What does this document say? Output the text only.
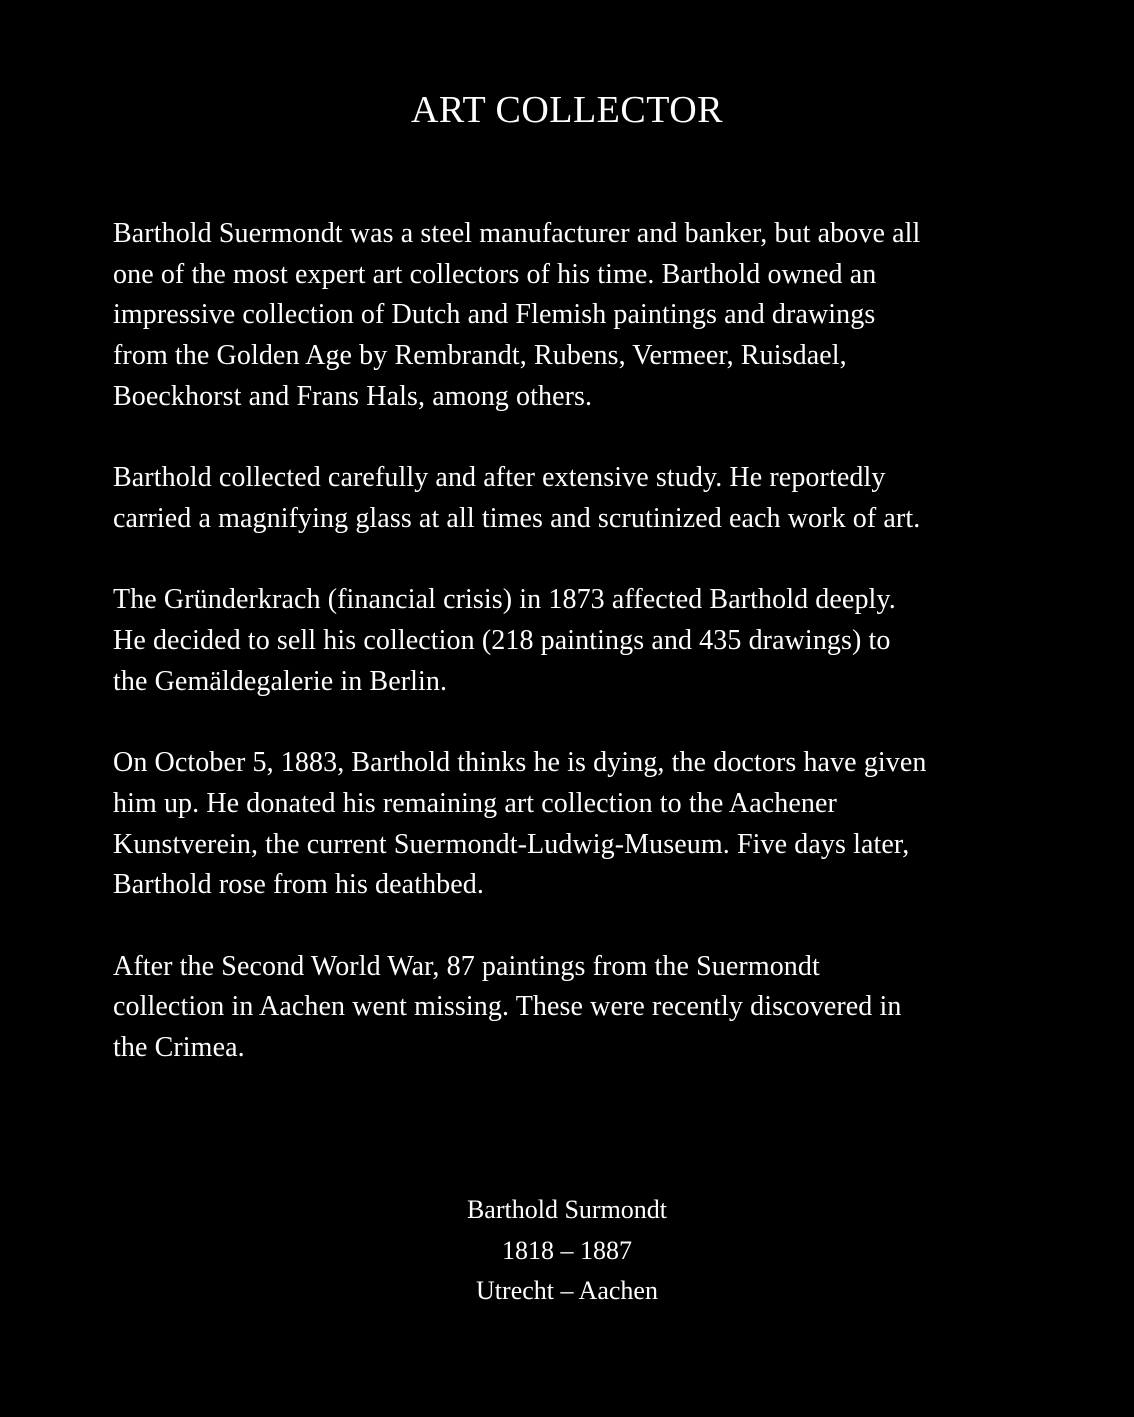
ART COLLECTOR

Barthold Suermondt was a steel manufacturer and banker, but above all
one of the most expert art collectors of his time. Barthold owned an
impressive collection of Dutch and Flemish paintings and drawings
from the Golden Age by Rembrandt, Rubens, Vermeer, Ruisdael,
Boeckhorst and Frans Hals, among others.

Barthold collected carefully and after extensive study. He reportedly
carried a magnifying glass at all times and scrutinized each work of art.

The Gründerkrach (financial crisis) in 1873 affected Barthold deeply.
He decided to sell his collection (218 paintings and 435 drawings) to
the Gemäldegalerie in Berlin.

On October 5, 1883, Barthold thinks he is dying, the doctors have given
him up. He donated his remaining art collection to the Aachener
Kunstverein, the current Suermondt-Ludwig-Museum. Five days later,
Barthold rose from his deathbed.

After the Second World War, 87 paintings from the Suermondt
collection in Aachen went missing. These were recently discovered in
the Crimea.

Barthold Surmondt
1818 – 1887
Utrecht – Aachen
